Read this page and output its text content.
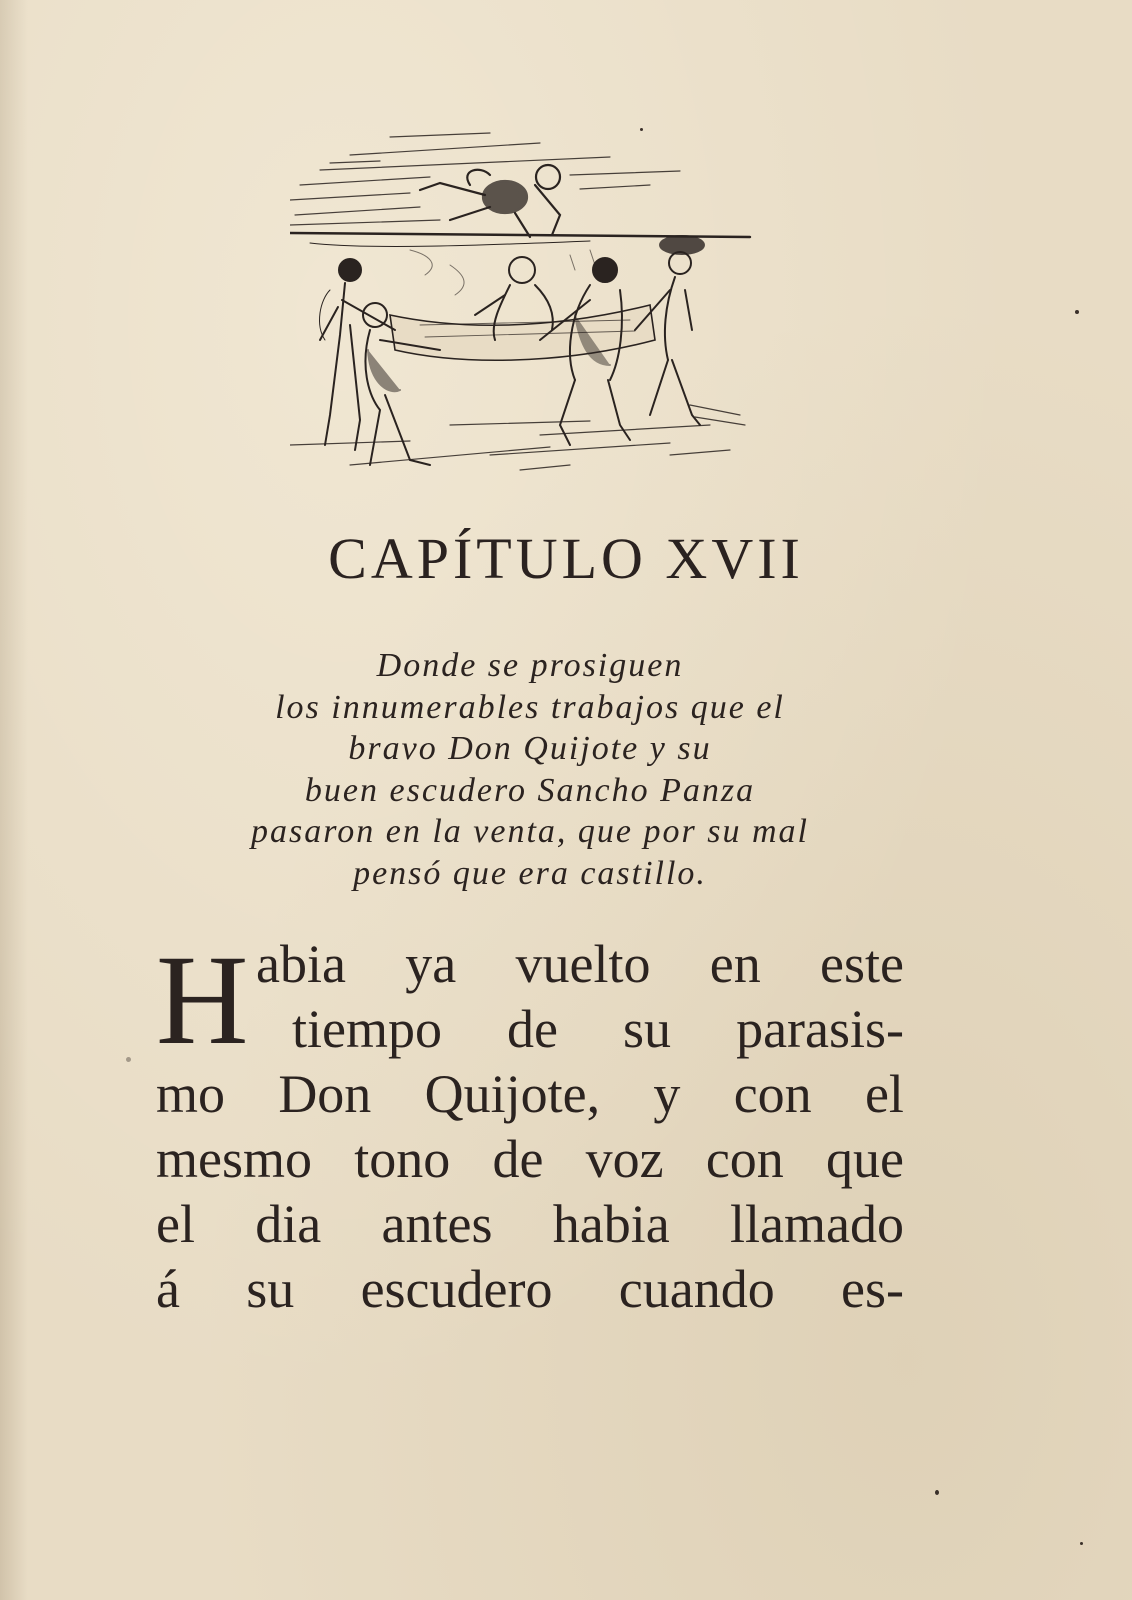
CAPÍTULO XVII
Donde se prosiguen
los innumerables trabajos que el
bravo Don Quijote y su
buen escudero Sancho Panza
pasaron en la venta, que por su mal
pensó que era castillo.
H abia ya vuelto en este
tiempo de su parasis-
mo Don Quijote, y con el
mesmo tono de voz con que
el dia antes habia llamado
á su escudero cuando es-
